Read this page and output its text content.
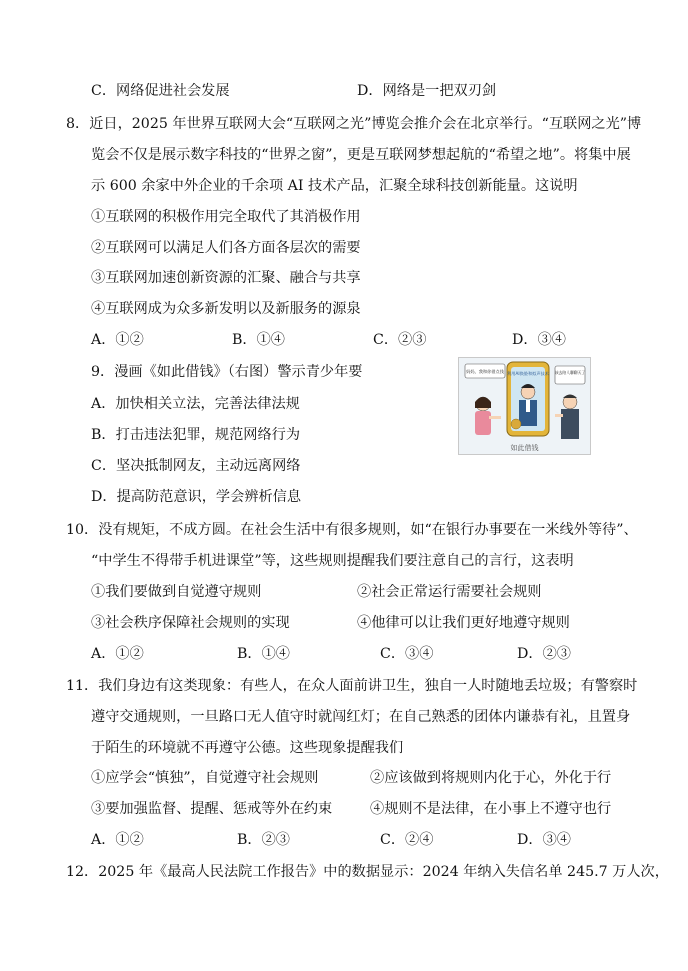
C．网络促进社会发展	D．网络是一把双刃剑
8．近日，2025 年世界互联网大会“互联网之光”博览会推介会在北京举行。“互联网之光”博
览会不仅是展示数字科技的“世界之窗”，更是互联网梦想起航的“希望之地”。将集中展
示 600 余家中外企业的千余项 AI 技术产品，汇聚全球科技创新能量。这说明
①互联网的积极作用完全取代了其消极作用
②互联网可以满足人们各方面各层次的需要
③互联网加速创新资源的汇聚、融合与共享
④互联网成为众多新发明以及新服务的源泉
A．①②	B．①④	C．②③	D．③④
9．漫画《如此借钱》（右图）警示青少年要
A．加快相关立法，完善法律法规
B．打击违法犯罪，规范网络行为
C．坚决抵制网友，主动远离网络
D．提高防范意识，学会辨析信息
妈妈，我和你借点钱	该去陪人聊聊天了
利用AI换脸和拟声技术
如此借钱
10．没有规矩，不成方圆。在社会生活中有很多规则，如“在银行办事要在一米线外等待”、
“中学生不得带手机进课堂”等，这些规则提醒我们要注意自己的言行，这表明
①我们要做到自觉遵守规则	②社会正常运行需要社会规则
③社会秩序保障社会规则的实现	④他律可以让我们更好地遵守规则
A．①②	B．①④	C．③④	D．②③
11．我们身边有这类现象：有些人，在众人面前讲卫生，独自一人时随地丢垃圾；有警察时
遵守交通规则，一旦路口无人值守时就闯红灯；在自己熟悉的团体内谦恭有礼，且置身
于陌生的环境就不再遵守公德。这些现象提醒我们
①应学会“慎独”，自觉遵守社会规则	②应该做到将规则内化于心，外化于行
③要加强监督、提醒、惩戒等外在约束	④规则不是法律，在小事上不遵守也行
A．①②	B．②③	C．②④	D．③④
12．2025 年《最高人民法院工作报告》中的数据显示：2024 年纳入失信名单 245.7 万人次，
